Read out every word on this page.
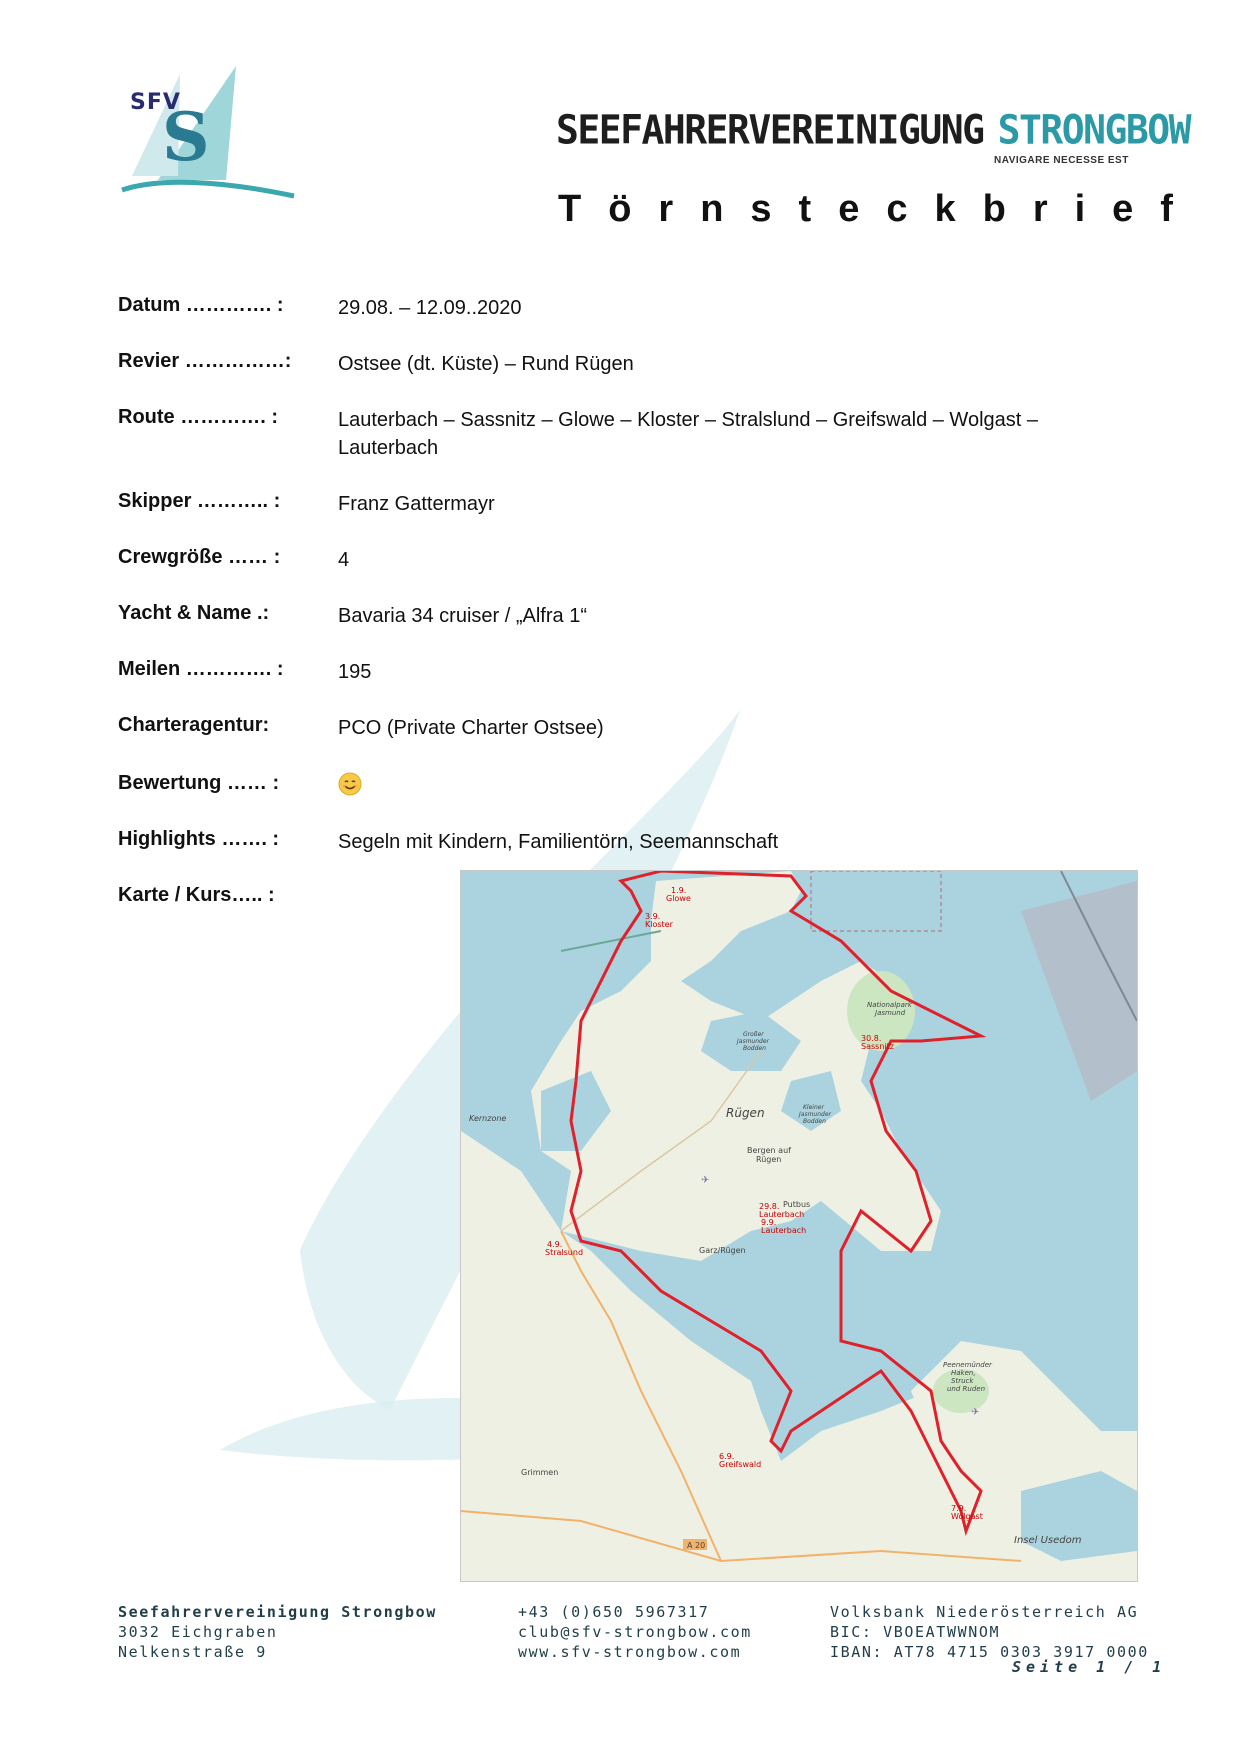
S
SFV
SEEFAHRERVEREINIGUNG STRONGBOW
NAVIGARE NECESSE EST
Törnsteckbrief
Datum …………. :	29.08. – 12.09..2020
Revier ……………:	Ostsee (dt. Küste) – Rund Rügen
Route …………. :	Lauterbach – Sassnitz – Glowe – Kloster – Stralslund – Greifswald – Wolgast – Lauterbach
Skipper ……….. :	Franz Gattermayr
Crewgröße …… :	4
Yacht & Name .:	Bavaria 34 cruiser / „Alfra 1“
Meilen …………. :	195
Charteragentur:	PCO (Private Charter Ostsee)
Bewertung …… :
Highlights ……. :	Segeln mit Kindern, Familientörn, Seemannschaft
Karte / Kurs….. :	1.9.
Glowe
3.9.
Kloster
30.8.
Sassnitz
29.8.
Lauterbach
9.9.
Lauterbach
4.9.
Stralsund
6.9.
Greifswald
7.9.
Wolgast
Rügen
Bergen auf
Rügen
Putbus
Garz/Rügen
Grimmen
Insel Usedom
Nationalpark
Jasmund
Großer
Jasmunder
Bodden
Kleiner
Jasmunder
Bodden
Kernzone
Peenemünder
Haken,
Struck
und Ruden
A 20
✈
✈
Seefahrervereinigung Strongbow
3032 Eichgraben
Nelkenstraße 9
+43 (0)650 5967317
club@sfv-strongbow.com
www.sfv-strongbow.com
Volksbank Niederösterreich AG
BIC: VBOEATWWNOM
IBAN: AT78 4715 0303 3917 0000
Seite 1 / 1
